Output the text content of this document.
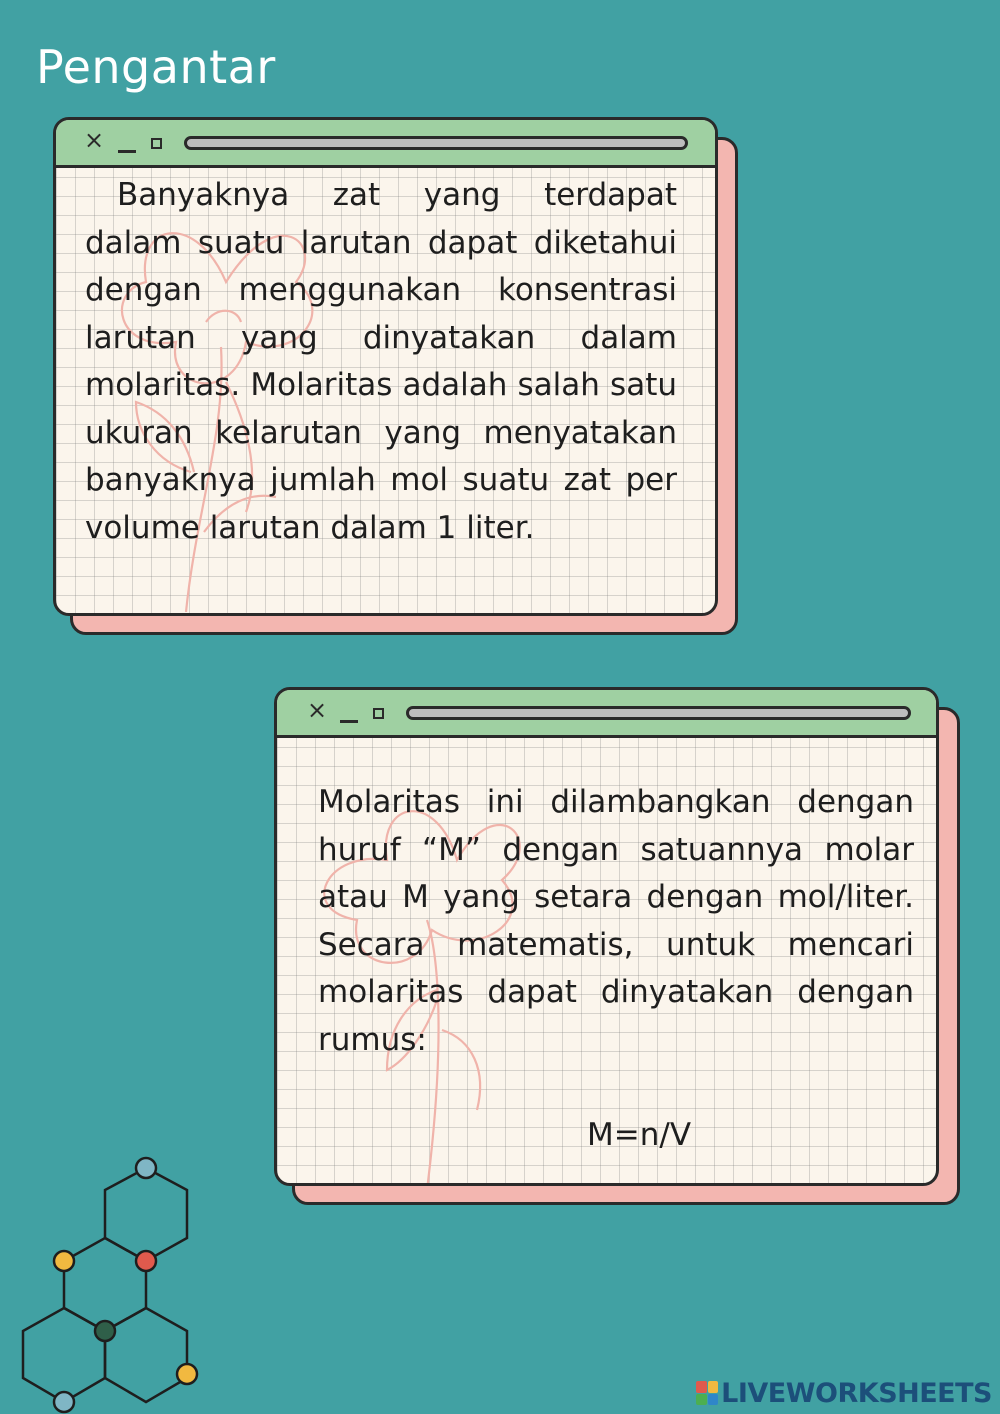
Pengantar
×

Banyaknya zat yang terdapat dalam suatu larutan dapat diketahui dengan menggunakan konsentrasi larutan yang dinyatakan dalam molaritas. Molaritas adalah salah satu ukuran kelarutan yang menyatakan banyaknya jumlah mol suatu zat per volume larutan dalam 1 liter.

×

Molaritas ini dilambangkan dengan huruf “M” dengan satuannya molar atau M yang setara dengan mol/liter. Secara matematis, untuk mencari molaritas dapat dinyatakan dengan rumus:

M=n/V

LIVEWORKSHEETS
